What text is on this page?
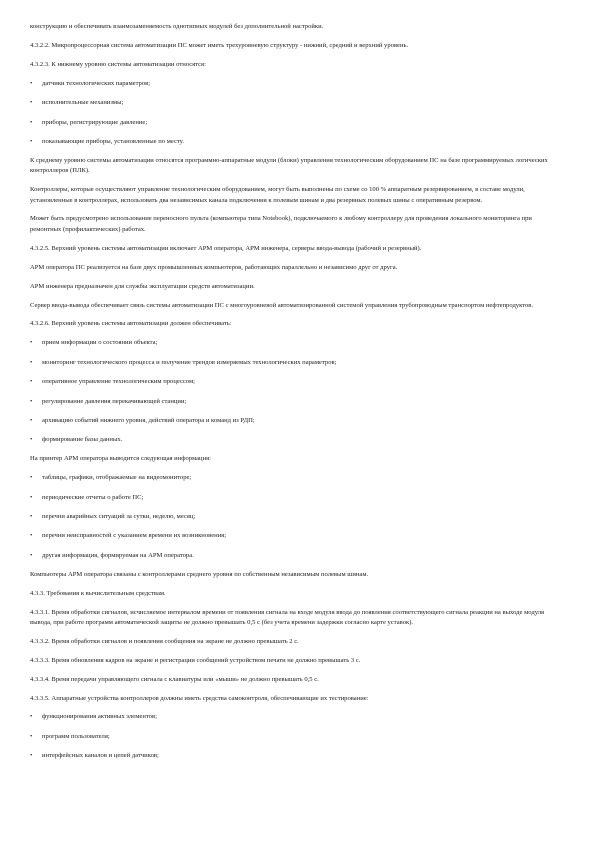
конструкцию и обеспечивать взаимозаменяемость однотипных модулей без дополнительной настройки.

4.3.2.2. Микропроцессорная система автоматизации ПС может иметь трехуровневую структуру - нижний, средний и верхний уровень.

4.3.2.3. К нижнему уровню системы автоматизации относятся:

• датчики технологических параметров;
• исполнительные механизмы;
• приборы, регистрирующие давление;
• показывающие приборы, установленные по месту.

К среднему уровню системы автоматизации относятся программно-аппаратные модули (блоки) управления технологическим оборудованием ПС на базе программируемых логических контроллеров (ПЛК).

Контроллеры, которые осуществляют управление технологическим оборудованием, могут быть выполнены по схеме со 100 % аппаратным резервированием, в составе модули, установленные в контроллерах, использовать два независимых канала подключения к полевым шинам и два резервных полевых шины с оперативным резервом.

Может быть предусмотрено использование переносного пульта (компьютера типа Notebook), подключаемого к любому контроллеру для проведения локального мониторинга при ремонтных (профилактических) работах.

4.3.2.5. Верхний уровень системы автоматизации включает АРМ оператора, АРМ инженера, серверы ввода-вывода (рабочий и резервный).

АРМ оператора ПС реализуется на базе двух промышленных компьютеров, работающих параллельно и независимо друг от друга.

АРМ инженера предназначен для службы эксплуатации средств автоматизации.

Сервер ввода-вывода обеспечивает связь системы автоматизации ПС с многоуровневой автоматизированной системой управления трубопроводным транспортом нефтепродуктов.

4.3.2.6. Верхний уровень системы автоматизации должен обеспечивать:

• прием информации о состоянии объекта;
• мониторинг технологического процесса и получение трендов измеряемых технологических параметров;
• оперативное управление технологическим процессом;
• регулирование давления перекачивающей станции;
• архивацию событий нижнего уровня, действий оператора и команд из РДП;
• формирование базы данных.

На принтер АРМ оператора выводится следующая информация:

• таблицы, графики, отображаемые на видеомониторе;
• периодические отчеты о работе ПС;
• перечни аварийных ситуаций за сутки, неделю, месяц;
• перечни неисправностей с указанием времени их возникновения;
• другая информация, формируемая на АРМ оператора.

Компьютеры АРМ оператора связаны с контроллерами среднего уровня по собственным независимым полевым шинам.

4.3.3. Требования к вычислительным средствам.

4.3.3.1. Время обработки сигналов, исчисляемое интервалом времени от появления сигнала на входе модуля ввода до появления соответствующего сигнала реакции на выходе модуля вывода, при работе программ автоматической защиты не должно превышать 0,5 с (без учета времени задержки согласно карте уставок).

4.3.3.2. Время обработки сигналов и появления сообщения на экране не должно превышать 2 с.

4.3.3.3. Время обновления кадров на экране и регистрации сообщений устройством печати не должно превышать 3 с.

4.3.3.4. Время передачи управляющего сигнала с клавиатуры или «мыши» не должно превышать 0,5 с.

4.3.3.5. Аппаратные устройства контроллеров должны иметь средства самоконтроля, обеспечивающие их тестирование:

• функционирования активных элементов;
• программ пользователя;
• интерфейсных каналов и цепей датчиков;
